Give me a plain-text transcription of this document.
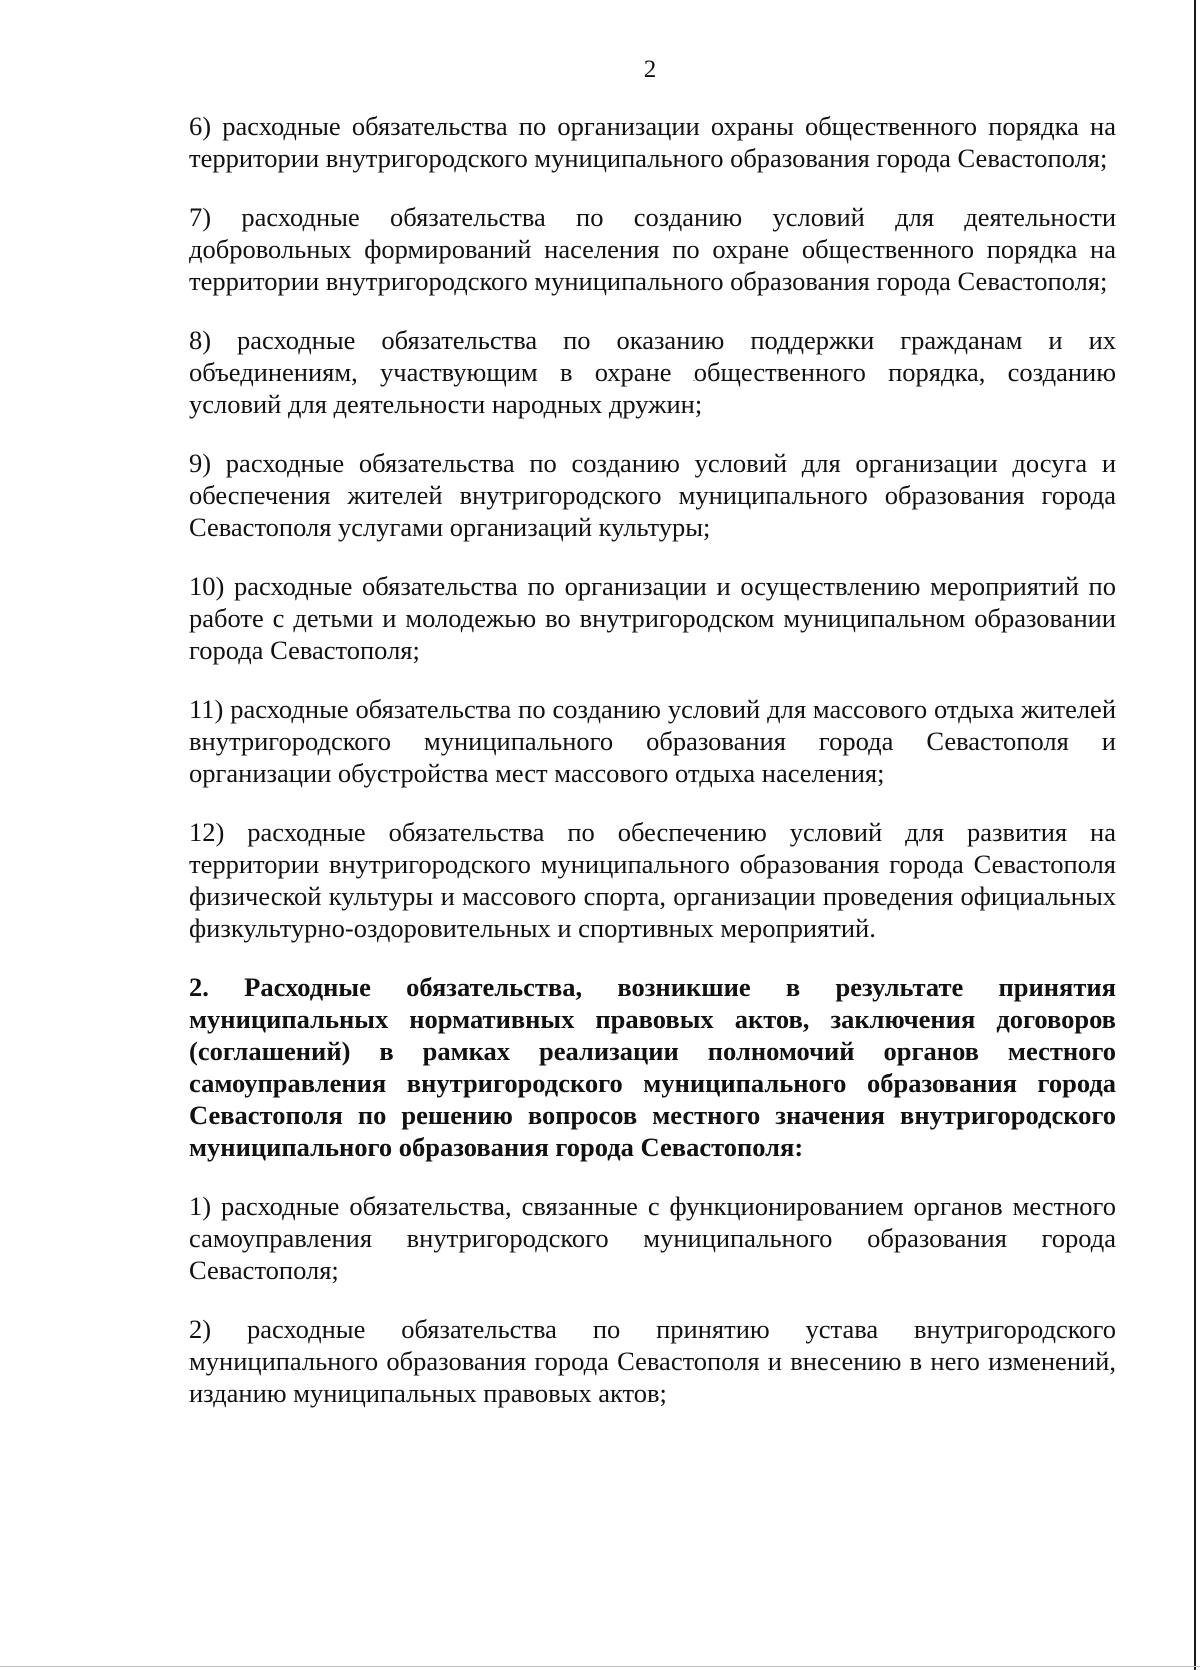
2

6) расходные обязательства по организации охраны общественного порядка на территории внутригородского муниципального образования города Севастополя;

7) расходные обязательства по созданию условий для деятельности добровольных формирований населения по охране общественного порядка на территории внутригородского муниципального образования города Севастополя;

8) расходные обязательства по оказанию поддержки гражданам и их объединениям, участвующим в охране общественного порядка, созданию условий для деятельности народных дружин;

9) расходные обязательства по созданию условий для организации досуга и обеспечения жителей внутригородского муниципального образования города Севастополя услугами организаций культуры;

10) расходные обязательства по организации и осуществлению мероприятий по работе с детьми и молодежью во внутригородском муниципальном образовании города Севастополя;

11) расходные обязательства по созданию условий для массового отдыха жителей внутригородского муниципального образования города Севастополя и организации обустройства мест массового отдыха населения;

12) расходные обязательства по обеспечению условий для развития на территории внутригородского муниципального образования города Севастополя физической культуры и массового спорта, организации проведения официальных физкультурно-оздоровительных и спортивных мероприятий.

2. Расходные обязательства, возникшие в результате принятия муниципальных нормативных правовых актов, заключения договоров (соглашений) в рамках реализации полномочий органов местного самоуправления внутригородского муниципального образования города Севастополя по решению вопросов местного значения внутригородского муниципального образования города Севастополя:

1) расходные обязательства, связанные с функционированием органов местного самоуправления внутригородского муниципального образования города Севастополя;

2) расходные обязательства по принятию устава внутригородского муниципального образования города Севастополя и внесению в него изменений, изданию муниципальных правовых актов;
